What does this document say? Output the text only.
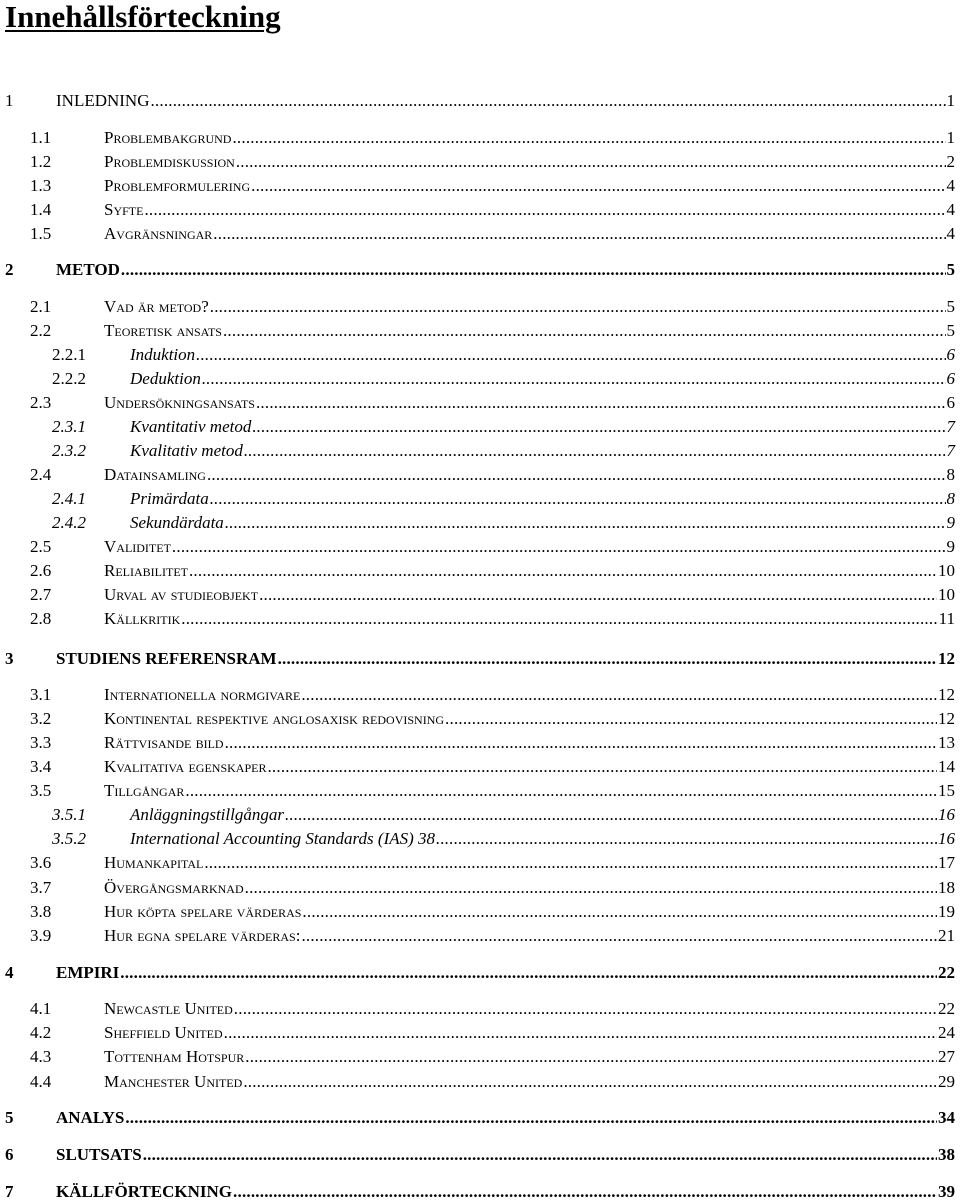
Innehållsförteckning
1	INLEDNING .....	1
1.1	Problembakgrund .....	1
1.2	Problemdiskussion .....	2
1.3	Problemformulering .....	4
1.4	Syfte .....	4
1.5	Avgränsningar .....	4
2	METOD .....	5
2.1	Vad är metod? .....	5
2.2	Teoretisk ansats .....	5
2.2.1	Induktion .....	6
2.2.2	Deduktion .....	6
2.3	Undersökningsansats .....	6
2.3.1	Kvantitativ metod .....	7
2.3.2	Kvalitativ metod .....	7
2.4	Datainsamling .....	8
2.4.1	Primärdata .....	8
2.4.2	Sekundärdata .....	9
2.5	Validitet .....	9
2.6	Reliabilitet .....	10
2.7	Urval av studieobjekt .....	10
2.8	Källkritik .....	11
3	STUDIENS REFERENSRAM .....	12
3.1	Internationella normgivare .....	12
3.2	Kontinental respektive anglosaxisk redovisning .....	12
3.3	Rättvisande bild .....	13
3.4	Kvalitativa egenskaper .....	14
3.5	Tillgångar .....	15
3.5.1	Anläggningstillgångar .....	16
3.5.2	International Accounting Standards (IAS) 38 .....	16
3.6	Humankapital .....	17
3.7	Övergångsmarknad .....	18
3.8	Hur köpta spelare värderas .....	19
3.9	Hur egna spelare värderas: .....	21
4	EMPIRI .....	22
4.1	Newcastle United .....	22
4.2	Sheffield United .....	24
4.3	Tottenham Hotspur .....	27
4.4	Manchester United .....	29
5	ANALYS .....	34
6	SLUTSATS .....	38
7	KÄLLFÖRTECKNING .....	39
